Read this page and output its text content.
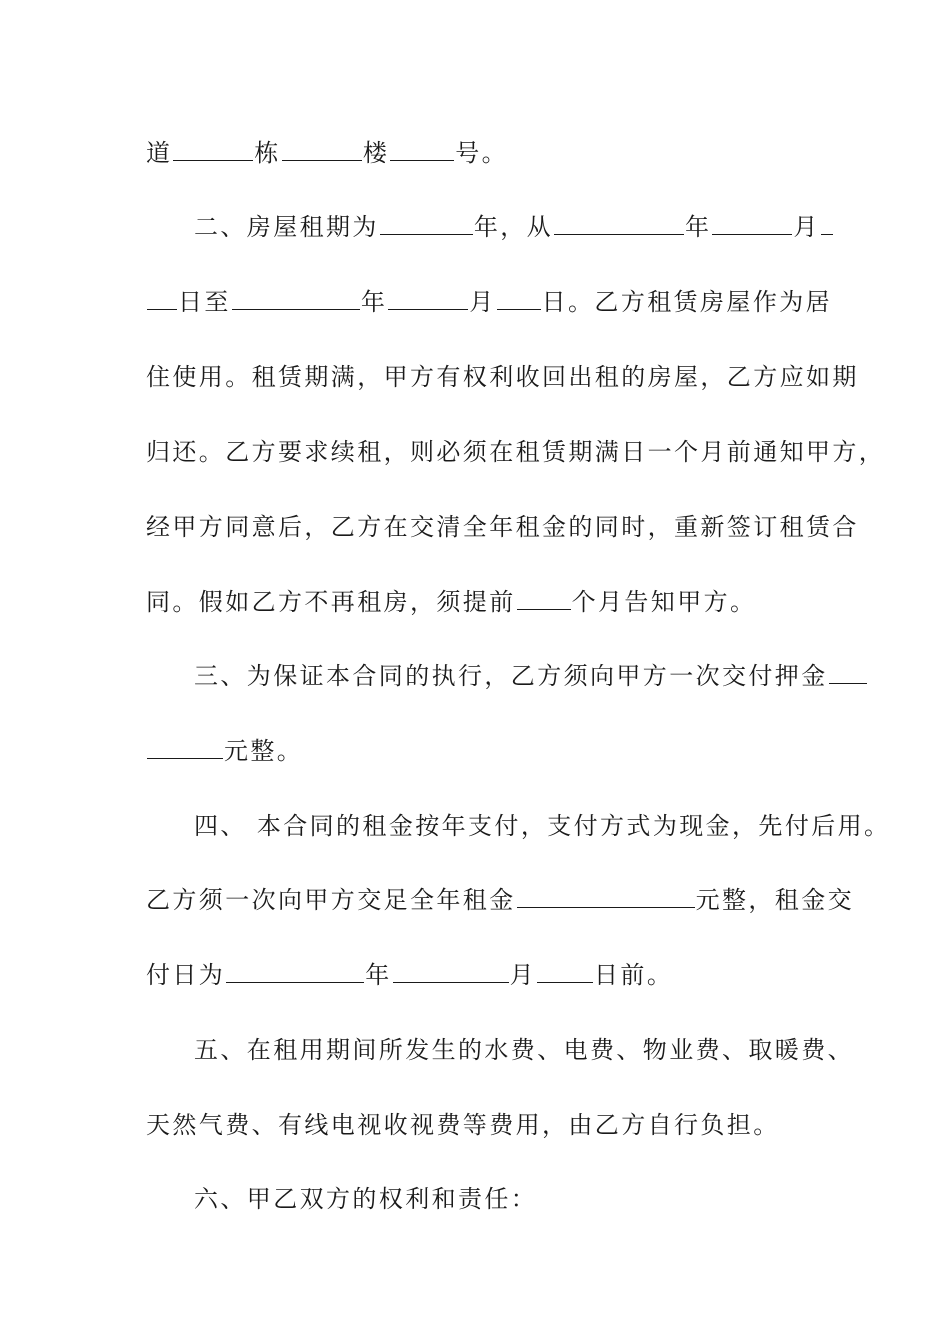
道	栋	楼	号。
二、房屋租期为	年，从	年	月
日至	年	月 日。乙方租赁房屋作为居
住使用。租赁期满，甲方有权利收回出租的房屋，乙方应如期
归还。乙方要求续租，则必须在租赁期满日一个月前通知甲方，
经甲方同意后，乙方在交清全年租金的同时，重新签订租赁合
同。假如乙方不再租房，须提前 个月告知甲方。
三、为保证本合同的执行，乙方须向甲方一次交付押金
元整。
四、 本合同的租金按年支付，支付方式为现金，先付后用。
乙方须一次向甲方交足全年租金	元整，租金交
付日为	年	月 日前。
五、在租用期间所发生的水费、电费、物业费、取暖费、
天然气费、有线电视收视费等费用，由乙方自行负担。
六、甲乙双方的权利和责任：
